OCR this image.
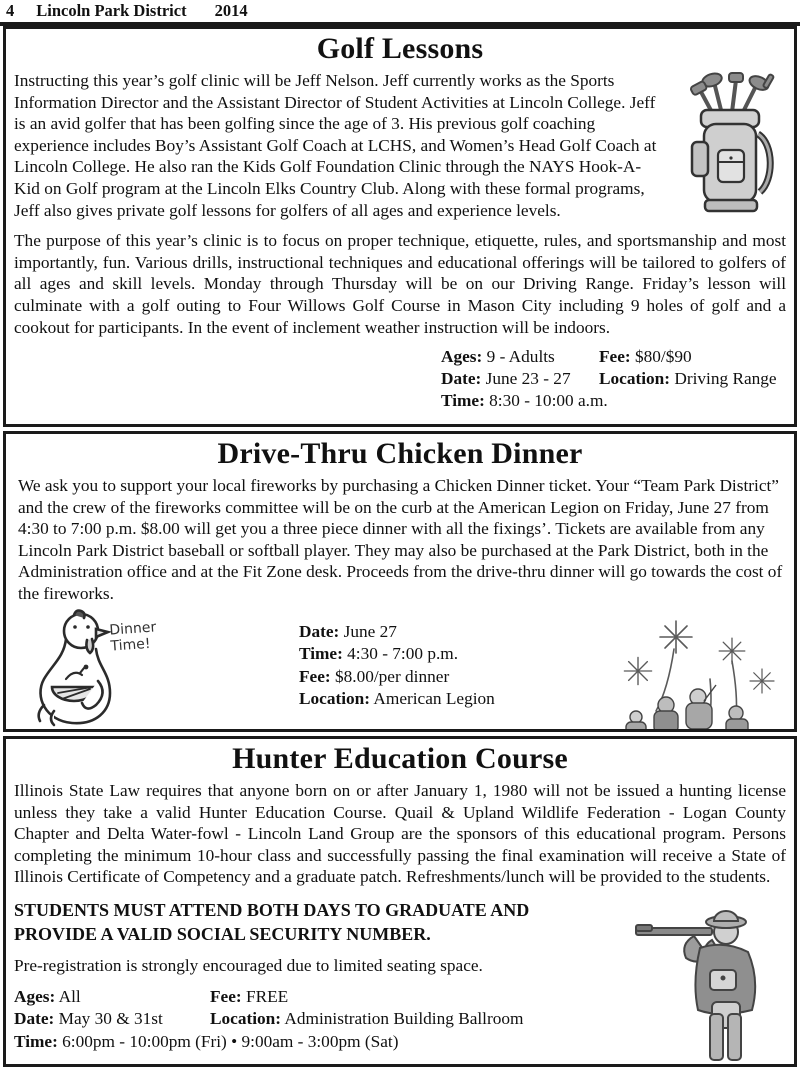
4 Lincoln Park District 2014
Golf Lessons

Instructing this year’s golf clinic will be Jeff Nelson. Jeff currently works as the Sports Information Director and the Assistant Director of Student Activities at Lincoln College. Jeff is an avid golfer that has been golfing since the age of 3. His previous golf coaching experience includes Boy’s Assistant Golf Coach at LCHS, and Women’s Head Golf Coach at Lincoln College. He also ran the Kids Golf Foundation Clinic through the NAYS Hook-A-Kid on Golf program at the Lincoln Elks Country Club. Along with these formal programs, Jeff also gives private golf lessons for golfers of all ages and experience levels.

The purpose of this year’s clinic is to focus on proper technique, etiquette, rules, and sportsmanship and most importantly, fun. Various drills, instructional techniques and educational offerings will be tailored to golfers of all ages and skill levels. Monday through Thursday will be on our Driving Range. Friday’s lesson will culminate with a golf outing to Four Willows Golf Course in Mason City including 9 holes of golf and a cookout for participants. In the event of inclement weather instruction will be indoors.

Ages: 9 - Adults	Fee: $80/$90
Date: June 23 - 27	Location: Driving Range
Time: 8:30 - 10:00 a.m.
Drive-Thru Chicken Dinner

We ask you to support your local fireworks by purchasing a Chicken Dinner ticket. Your “Team Park District” and the crew of the fireworks committee will be on the curb at the American Legion on Friday, June 27 from 4:30 to 7:00 p.m. $8.00 will get you a three piece dinner with all the fixings’. Tickets are available from any Lincoln Park District baseball or softball player. They may also be purchased at the Park District, both in the Administration office and at the Fit Zone desk. Proceeds from the drive-thru dinner will go towards the cost of the fireworks.

Dinner
Time!
Date: June 27
Time: 4:30 - 7:00 p.m.
Fee: $8.00/per dinner
Location: American Legion
Hunter Education Course

Illinois State Law requires that anyone born on or after January 1, 1980 will not be issued a hunting license unless they take a valid Hunter Education Course. Quail & Upland Wildlife Federation - Logan County Chapter and Delta Water-fowl - Lincoln Land Group are the sponsors of this educational program. Persons completing the minimum 10-hour class and successfully passing the final examination will receive a State of Illinois Certificate of Competency and a graduate patch. Refreshments/lunch will be provided to the students.

STUDENTS MUST ATTEND BOTH DAYS TO GRADUATE AND PROVIDE A VALID SOCIAL SECURITY NUMBER.

Pre-registration is strongly encouraged due to limited seating space.

Ages: All	Fee: FREE
Date: May 30 & 31st	Location: Administration Building Ballroom
Time: 6:00pm - 10:00pm (Fri) • 9:00am - 3:00pm (Sat)
